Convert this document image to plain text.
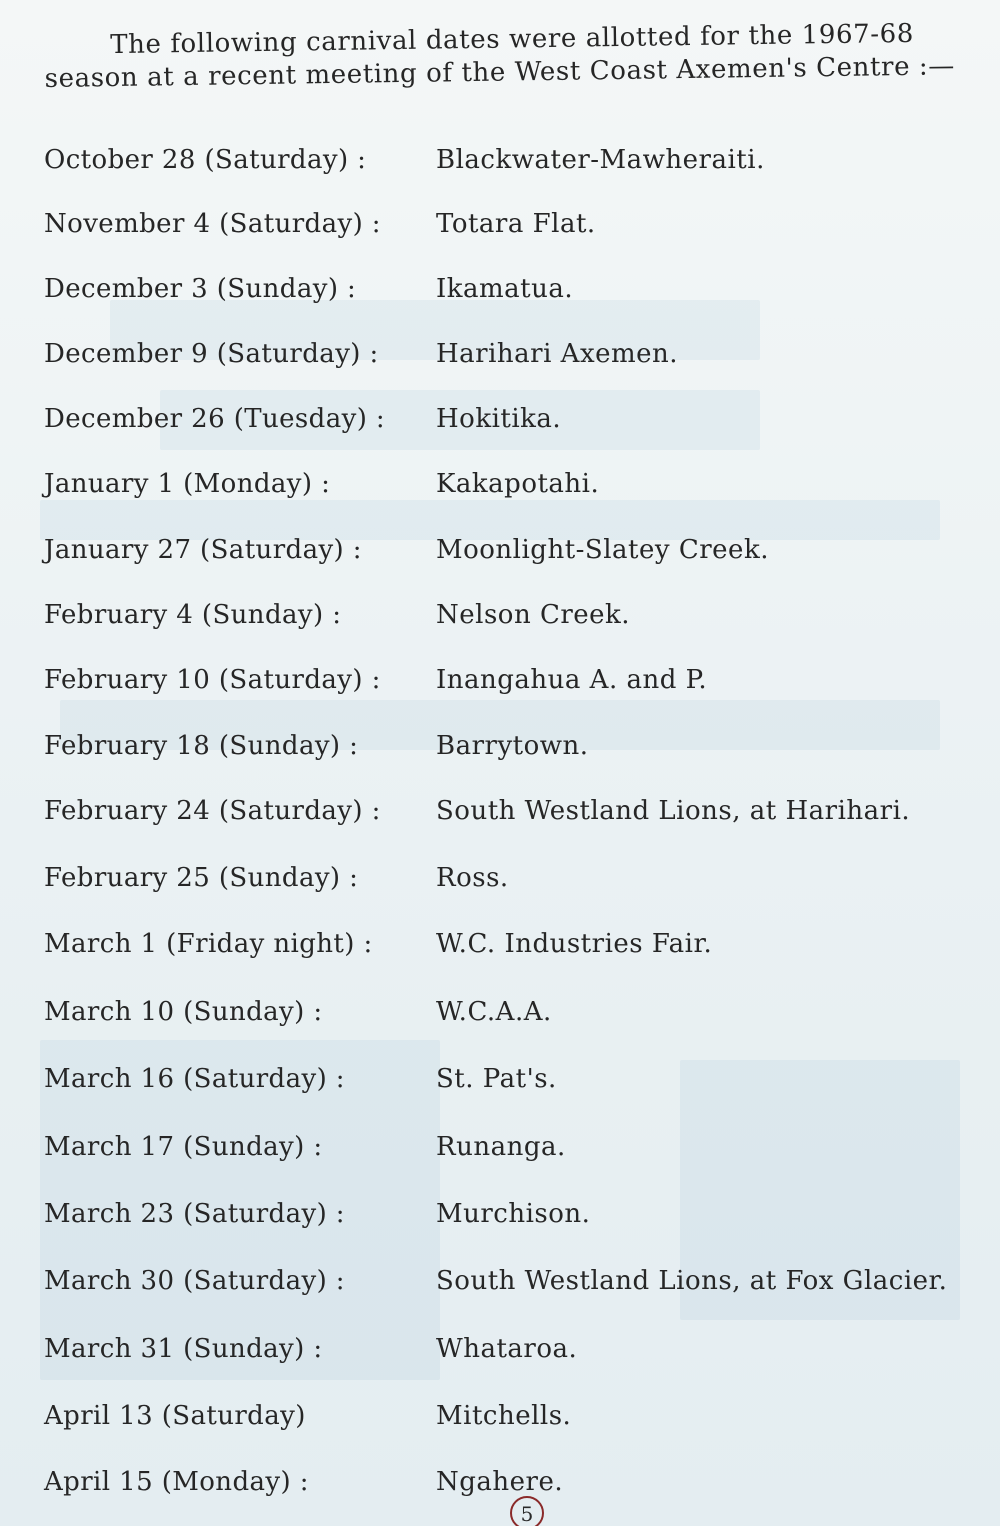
The following carnival dates were allotted for the 1967-68
season at a recent meeting of the West Coast Axemen's Centre :—
October 28 (Saturday) :	Blackwater-Mawheraiti.
November 4 (Saturday) : Totara Flat.
December 3 (Sunday) :	Ikamatua.
December 9 (Saturday) : Harihari Axemen.
December 26 (Tuesday) : Hokitika.
January 1 (Monday) :	Kakapotahi.
January 27 (Saturday) :	Moonlight-Slatey Creek.
February 4 (Sunday) :	Nelson Creek.
February 10 (Saturday) : Inangahua A. and P.
February 18 (Sunday) :	Barrytown.
February 24 (Saturday) : South Westland Lions, at Harihari.
February 25 (Sunday) :	Ross.
March 1 (Friday night) : W.C. Industries Fair.
March 10 (Sunday) :	W.C.A.A.
March 16 (Saturday) :	St. Pat's.
March 17 (Sunday) :	Runanga.
March 23 (Saturday) :	Murchison.
March 30 (Saturday) :	South Westland Lions, at Fox Glacier.
March 31 (Sunday) :	Whataroa.
April 13 (Saturday)	Mitchells.
April 15 (Monday) :	Ngahere.
5
